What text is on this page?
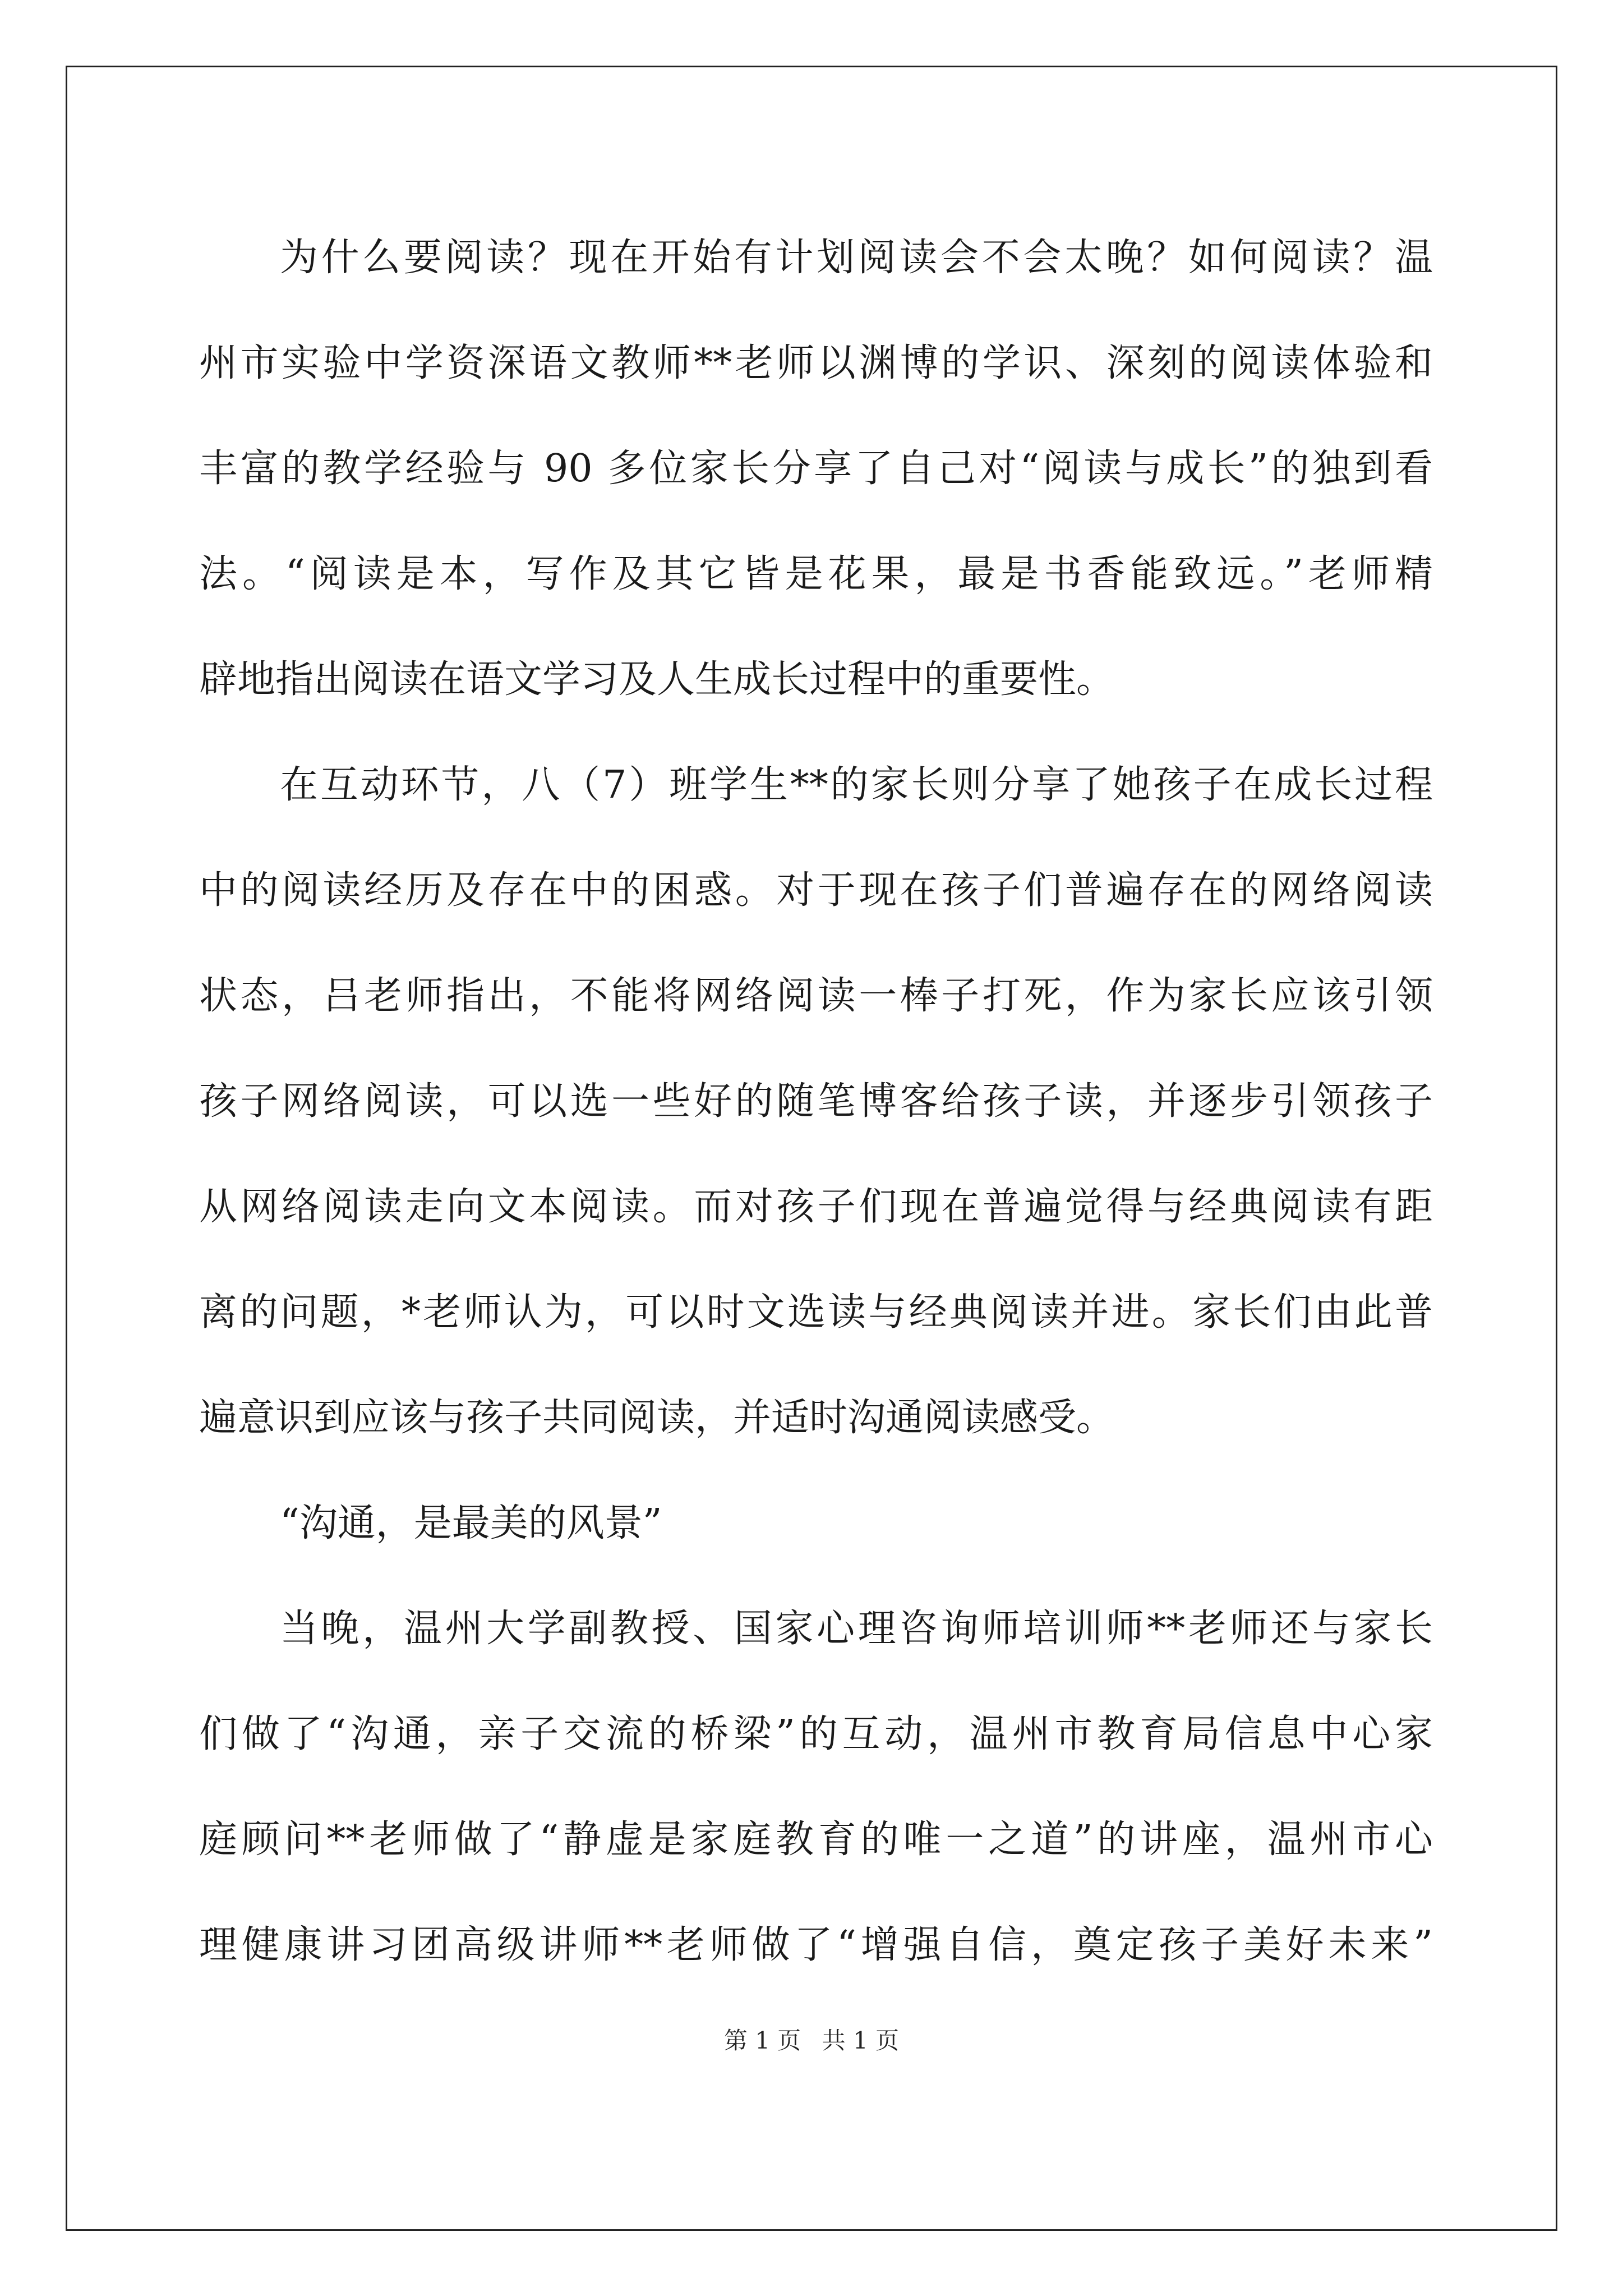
为什么要阅读？现在开始有计划阅读会不会太晚？如何阅读？温
州市实验中学资深语文教师**老师以渊博的学识、深刻的阅读体验和
丰富的教学经验与 90 多位家长分享了自己对“阅读与成长”的独到看
法。“阅读是本，写作及其它皆是花果，最是书香能致远。”老师精
辟地指出阅读在语文学习及人生成长过程中的重要性。
在互动环节，八（7）班学生**的家长则分享了她孩子在成长过程
中的阅读经历及存在中的困惑。对于现在孩子们普遍存在的网络阅读
状态，吕老师指出，不能将网络阅读一棒子打死，作为家长应该引领
孩子网络阅读，可以选一些好的随笔博客给孩子读，并逐步引领孩子
从网络阅读走向文本阅读。而对孩子们现在普遍觉得与经典阅读有距
离的问题，*老师认为，可以时文选读与经典阅读并进。家长们由此普
遍意识到应该与孩子共同阅读，并适时沟通阅读感受。
“沟通，是最美的风景”
当晚，温州大学副教授、国家心理咨询师培训师**老师还与家长
们做了“沟通，亲子交流的桥梁”的互动，温州市教育局信息中心家
庭顾问**老师做了“静虚是家庭教育的唯一之道”的讲座，温州市心
理健康讲习团高级讲师**老师做了“增强自信，奠定孩子美好未来”
第 1 页 共 1 页
